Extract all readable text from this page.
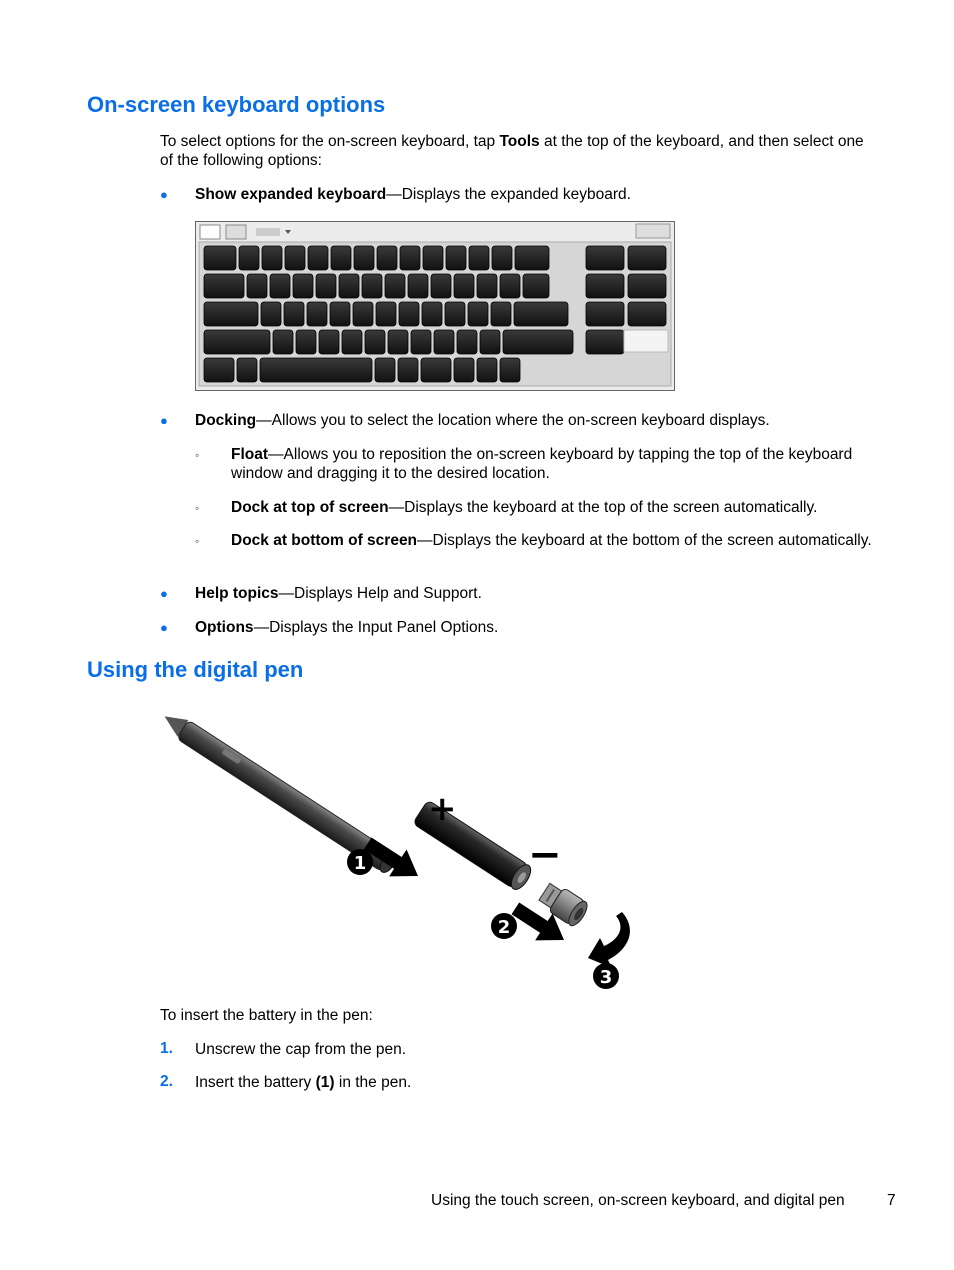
On-screen keyboard options
To select options for the on-screen keyboard, tap Tools at the top of the keyboard, and then select one of the following options:
● Show expanded keyboard—Displays the expanded keyboard.
● Docking—Allows you to select the location where the on-screen keyboard displays.
◦ Float—Allows you to reposition the on-screen keyboard by tapping the top of the keyboard window and dragging it to the desired location.
◦ Dock at top of screen—Displays the keyboard at the top of the screen automatically.
◦ Dock at bottom of screen—Displays the keyboard at the bottom of the screen automatically.
● Help topics—Displays Help and Support.
● Options—Displays the Input Panel Options.
Using the digital pen
+
−
1
2
3
To insert the battery in the pen:
1. Unscrew the cap from the pen.
2. Insert the battery (1) in the pen.
Using the touch screen, on-screen keyboard, and digital pen	7
